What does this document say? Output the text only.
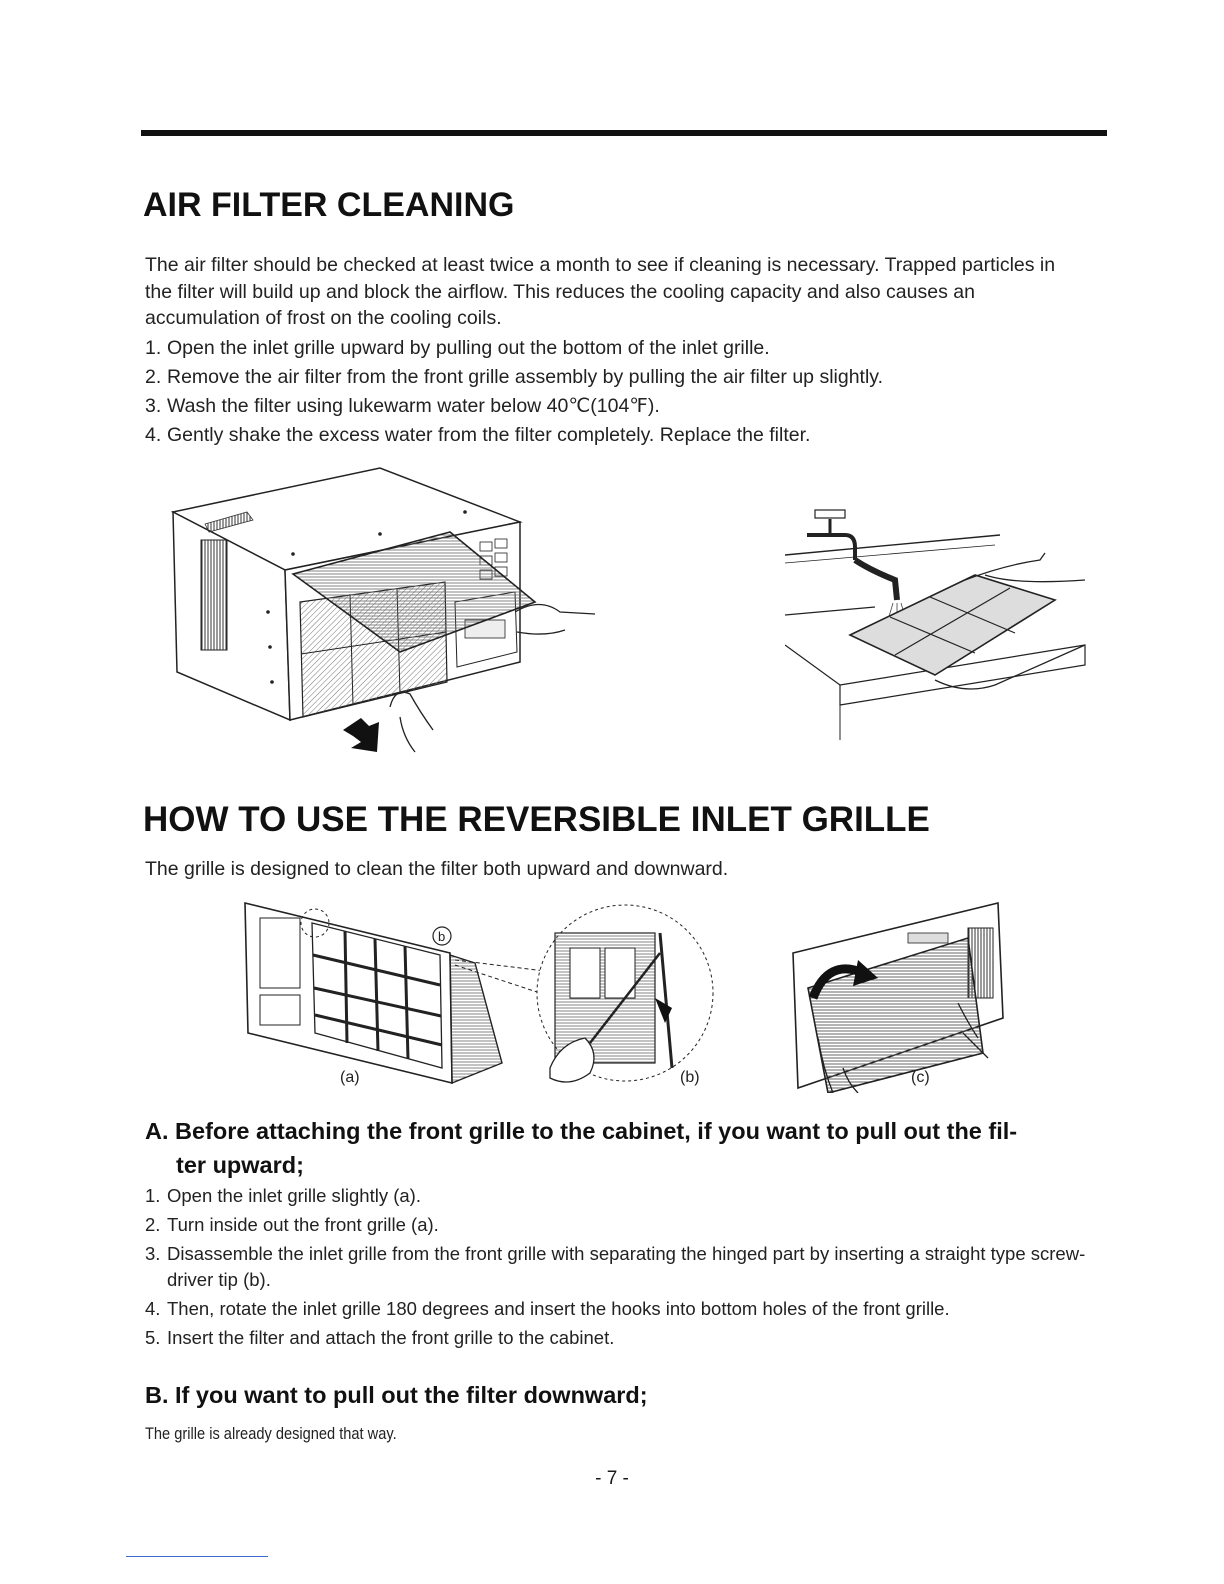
AIR FILTER CLEANING

The air filter should be checked at least twice a month to see if cleaning is necessary. Trapped particles in the filter will build up and block the airflow. This reduces the cooling capacity and also causes an accumulation of frost on the cooling coils.

1. Open the inlet grille upward by pulling out the bottom of the inlet grille.
2. Remove the air filter from the front grille assembly by pulling the air filter up slightly.
3. Wash the filter using lukewarm water below 40℃(104℉).
4. Gently shake the excess water from the filter completely. Replace the filter.
b
(a)	(b)	(c)
HOW TO USE THE REVERSIBLE INLET GRILLE

The grille is designed to clean the filter both upward and downward.

A. Before attaching the front grille to the cabinet, if you want to pull out the fil-
ter upward;
1. Open the inlet grille slightly (a).
2. Turn inside out the front grille (a).
3. Disassemble the inlet grille from the front grille with separating the hinged part by inserting a straight type screw-driver tip (b).
4. Then, rotate the inlet grille 180 degrees and insert the hooks into bottom holes of the front grille.
5. Insert the filter and attach the front grille to the cabinet.
B. If you want to pull out the filter downward;
The grille is already designed that way.
- 7 -
